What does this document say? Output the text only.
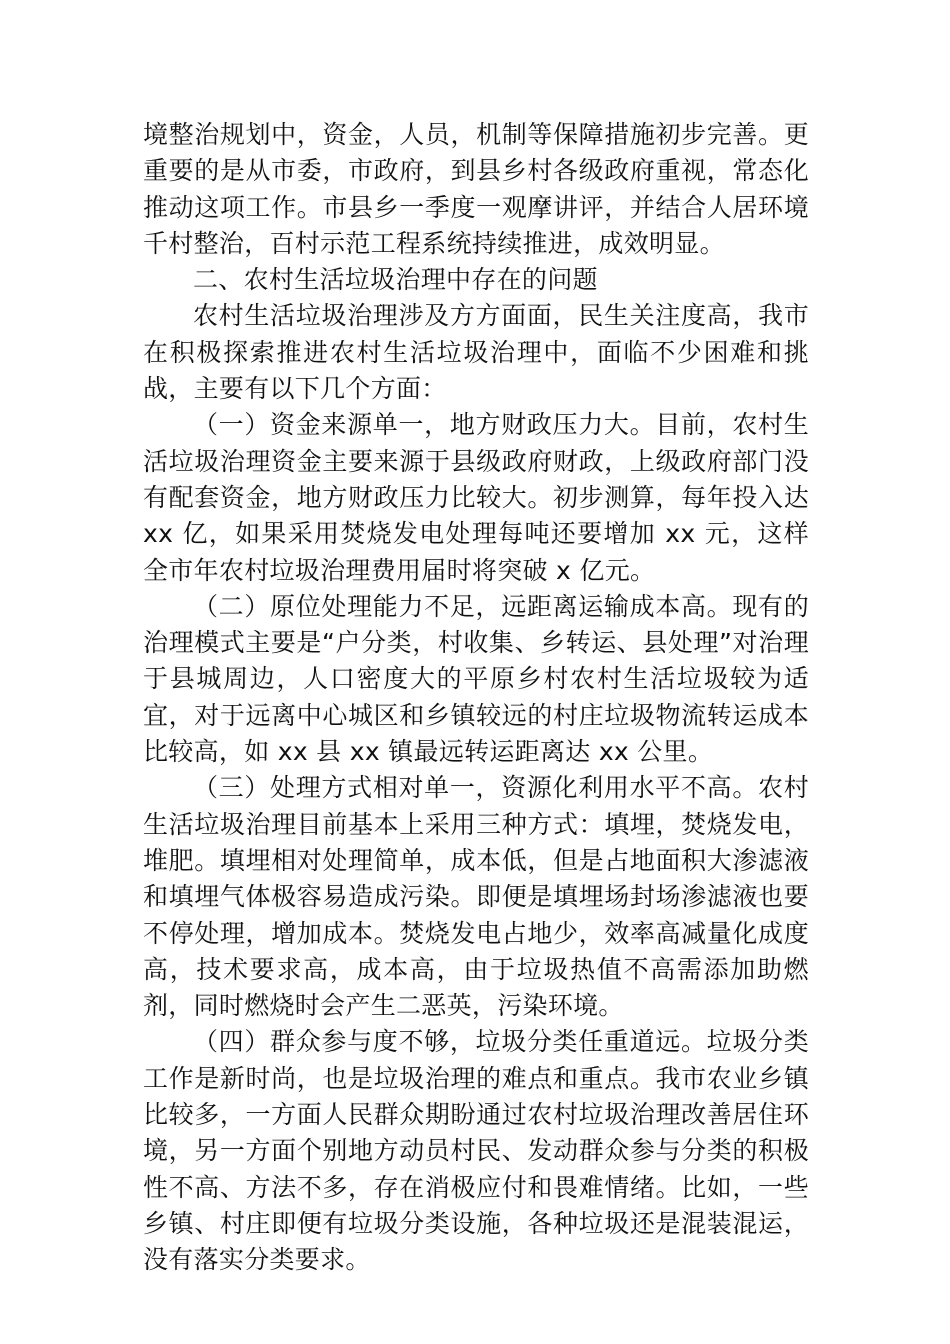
境整治规划中，资金，人员，机制等保障措施初步完善。更重要的是从市委，市政府，到县乡村各级政府重视，常态化推动这项工作。市县乡一季度一观摩讲评，并结合人居环境千村整治，百村示范工程系统持续推进，成效明显。

二、农村生活垃圾治理中存在的问题

农村生活垃圾治理涉及方方面面，民生关注度高，我市在积极探索推进农村生活垃圾治理中，面临不少困难和挑战，主要有以下几个方面：

（一）资金来源单一，地方财政压力大。目前，农村生活垃圾治理资金主要来源于县级政府财政，上级政府部门没有配套资金，地方财政压力比较大。初步测算，每年投入达 xx 亿，如果采用焚烧发电处理每吨还要增加 xx 元，这样全市年农村垃圾治理费用届时将突破 x 亿元。

（二）原位处理能力不足，远距离运输成本高。现有的治理模式主要是“户分类，村收集、乡转运、县处理”对治理于县城周边，人口密度大的平原乡村农村生活垃圾较为适宜，对于远离中心城区和乡镇较远的村庄垃圾物流转运成本比较高，如 xx 县 xx 镇最远转运距离达 xx 公里。

（三）处理方式相对单一，资源化利用水平不高。农村生活垃圾治理目前基本上采用三种方式：填埋，焚烧发电，堆肥。填埋相对处理简单，成本低，但是占地面积大渗滤液和填埋气体极容易造成污染。即便是填埋场封场渗滤液也要不停处理，增加成本。焚烧发电占地少，效率高减量化成度高，技术要求高，成本高，由于垃圾热值不高需添加助燃剂，同时燃烧时会产生二恶英，污染环境。

（四）群众参与度不够，垃圾分类任重道远。垃圾分类工作是新时尚，也是垃圾治理的难点和重点。我市农业乡镇比较多，一方面人民群众期盼通过农村垃圾治理改善居住环境，另一方面个别地方动员村民、发动群众参与分类的积极性不高、方法不多，存在消极应付和畏难情绪。比如，一些乡镇、村庄即便有垃圾分类设施，各种垃圾还是混装混运，没有落实分类要求。
